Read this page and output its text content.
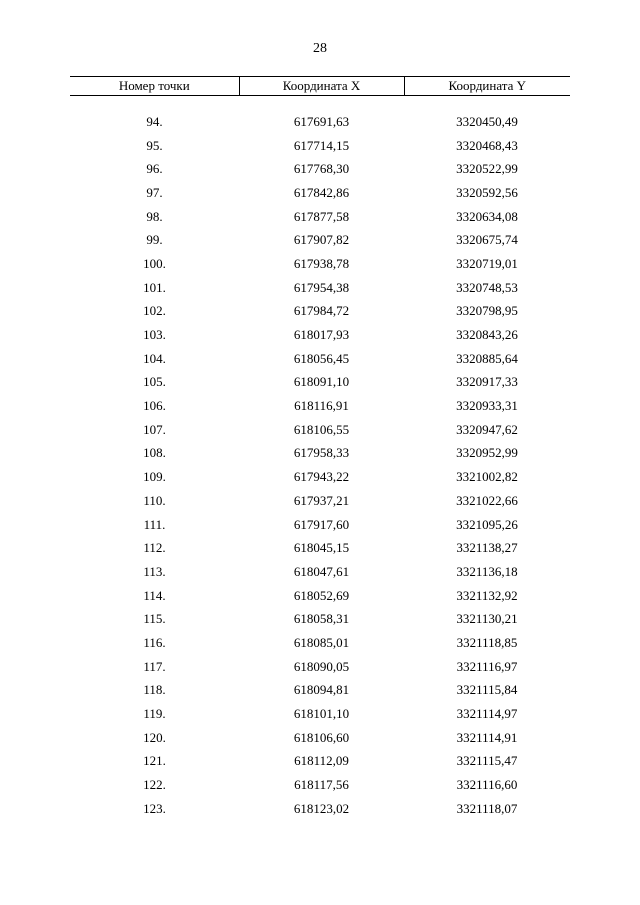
28
Номер точки	Координата X	Координата Y

94.	617691,63	3320450,49
95.	617714,15	3320468,43
96.	617768,30	3320522,99
97.	617842,86	3320592,56
98.	617877,58	3320634,08
99.	617907,82	3320675,74
100.	617938,78	3320719,01
101.	617954,38	3320748,53
102.	617984,72	3320798,95
103.	618017,93	3320843,26
104.	618056,45	3320885,64
105.	618091,10	3320917,33
106.	618116,91	3320933,31
107.	618106,55	3320947,62
108.	617958,33	3320952,99
109.	617943,22	3321002,82
110.	617937,21	3321022,66
111.	617917,60	3321095,26
112.	618045,15	3321138,27
113.	618047,61	3321136,18
114.	618052,69	3321132,92
115.	618058,31	3321130,21
116.	618085,01	3321118,85
117.	618090,05	3321116,97
118.	618094,81	3321115,84
119.	618101,10	3321114,97
120.	618106,60	3321114,91
121.	618112,09	3321115,47
122.	618117,56	3321116,60
123.	618123,02	3321118,07
